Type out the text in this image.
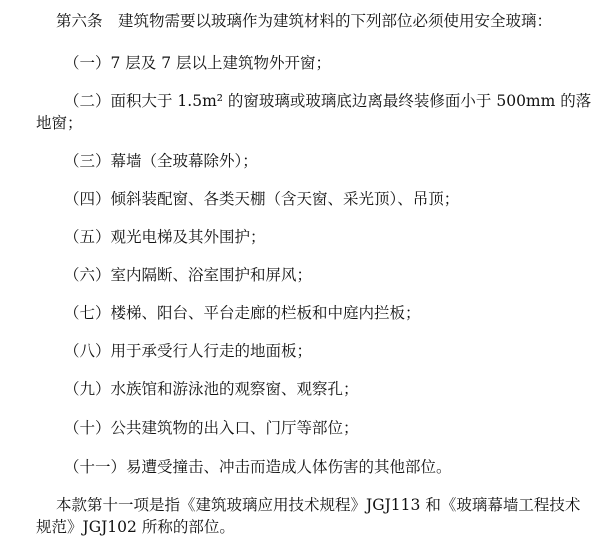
第六条　建筑物需要以玻璃作为建筑材料的下列部位必须使用安全玻璃：
（一）7 层及 7 层以上建筑物外开窗；
（二）面积大于 1.5m² 的窗玻璃或玻璃底边离最终装修面小于 500mm 的落
地窗；
（三）幕墙（全玻幕除外）；
（四）倾斜装配窗、各类天棚（含天窗、采光顶）、吊顶；
（五）观光电梯及其外围护；
（六）室内隔断、浴室围护和屏风；
（七）楼梯、阳台、平台走廊的栏板和中庭内拦板；
（八）用于承受行人行走的地面板；
（九）水族馆和游泳池的观察窗、观察孔；
（十）公共建筑物的出入口、门厅等部位；
（十一）易遭受撞击、冲击而造成人体伤害的其他部位。
本款第十一项是指《建筑玻璃应用技术规程》JGJ113 和《玻璃幕墙工程技术
规范》JGJ102 所称的部位。
